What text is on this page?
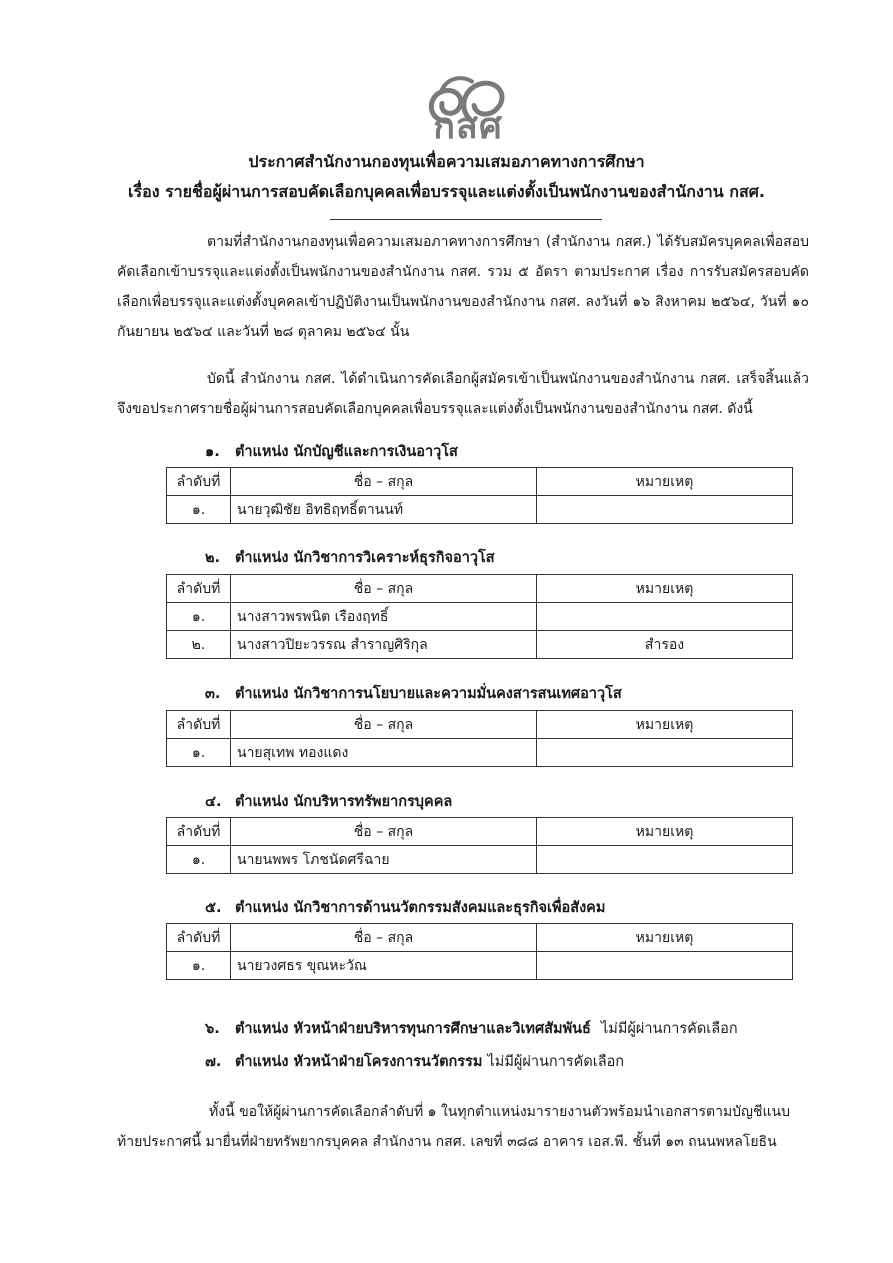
กสศ
ประกาศสำนักงานกองทุนเพื่อความเสมอภาคทางการศึกษา
เรื่อง รายชื่อผู้ผ่านการสอบคัดเลือกบุคคลเพื่อบรรจุและแต่งตั้งเป็นพนักงานของสำนักงาน กสศ.
ตามที่สำนักงานกองทุนเพื่อความเสมอภาคทางการศึกษา (สำนักงาน กสศ.) ได้รับสมัครบุคคลเพื่อสอบคัดเลือกเข้าบรรจุและแต่งตั้งเป็นพนักงานของสำนักงาน กสศ. รวม ๕ อัตรา ตามประกาศ เรื่อง การรับสมัครสอบคัดเลือกเพื่อบรรจุและแต่งตั้งบุคคลเข้าปฏิบัติงานเป็นพนักงานของสำนักงาน กสศ. ลงวันที่ ๑๖ สิงหาคม ๒๕๖๔, วันที่ ๑๐ กันยายน ๒๕๖๔ และวันที่ ๒๘ ตุลาคม ๒๕๖๔ นั้น
บัดนี้ สำนักงาน กสศ. ได้ดำเนินการคัดเลือกผู้สมัครเข้าเป็นพนักงานของสำนักงาน กสศ. เสร็จสิ้นแล้ว จึงขอประกาศรายชื่อผู้ผ่านการสอบคัดเลือกบุคคลเพื่อบรรจุและแต่งตั้งเป็นพนักงานของสำนักงาน กสศ. ดังนี้
๑. ตำแหน่ง นักบัญชีและการเงินอาวุโส
ลำดับที่	ชื่อ – สกุล	หมายเหตุ
๑.	นายวุฒิชัย อิทธิฤทธิ์ตานนท์	
๒. ตำแหน่ง นักวิชาการวิเคราะห์ธุรกิจอาวุโส
ลำดับที่	ชื่อ – สกุล	หมายเหตุ
๑.	นางสาวพรพนิต เรืองฤทธิ์	
๒.	นางสาวปิยะวรรณ สำราญศิริกุล	สำรอง
๓. ตำแหน่ง นักวิชาการนโยบายและความมั่นคงสารสนเทศอาวุโส
ลำดับที่	ชื่อ – สกุล	หมายเหตุ
๑.	นายสุเทพ ทองแดง	
๔. ตำแหน่ง นักบริหารทรัพยากรบุคคล
ลำดับที่	ชื่อ – สกุล	หมายเหตุ
๑.	นายนพพร โภชนัดศรีฉาย	
๕. ตำแหน่ง นักวิชาการด้านนวัตกรรมสังคมและธุรกิจเพื่อสังคม
ลำดับที่	ชื่อ – สกุล	หมายเหตุ
๑.	นายวงศธร ขุณหะวัณ	
๖. ตำแหน่ง หัวหน้าฝ่ายบริหารทุนการศึกษาและวิเทศสัมพันธ์ ไม่มีผู้ผ่านการคัดเลือก
๗. ตำแหน่ง หัวหน้าฝ่ายโครงการนวัตกรรม ไม่มีผู้ผ่านการคัดเลือก
ทั้งนี้ ขอให้ผู้ผ่านการคัดเลือกลำดับที่ ๑ ในทุกตำแหน่งมารายงานตัวพร้อมนำเอกสารตามบัญชีแนบท้ายประกาศนี้ มายื่นที่ฝ่ายทรัพยากรบุคคล สำนักงาน กสศ. เลขที่ ๓๘๘ อาคาร เอส.พี. ชั้นที่ ๑๓ ถนนพหลโยธิน
